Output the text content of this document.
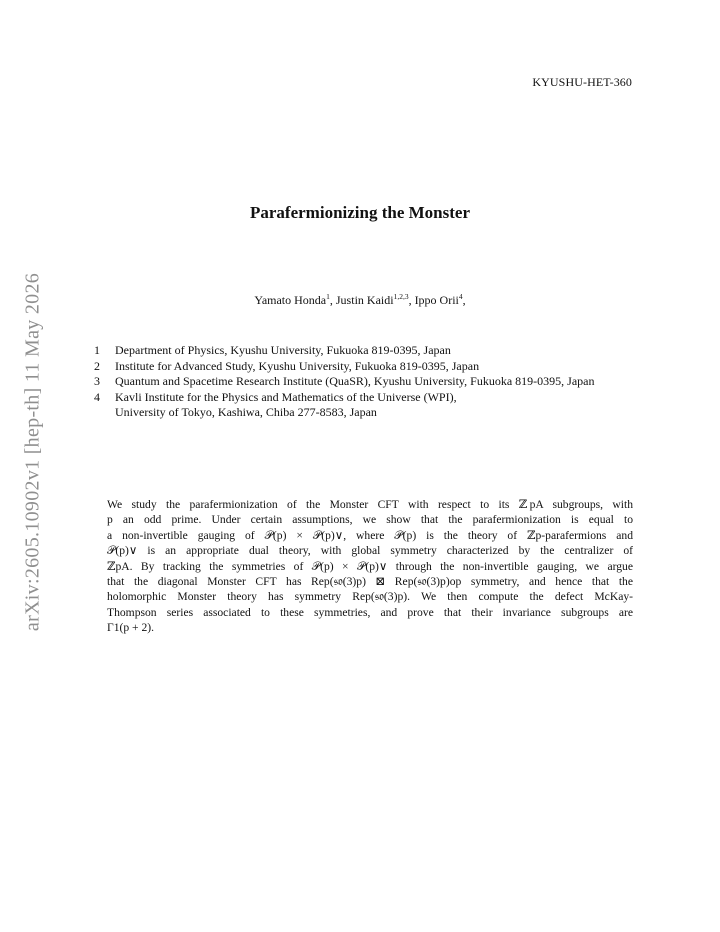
KYUSHU-HET-360
arXiv:2605.10902v1 [hep-th] 11 May 2026
Parafermionizing the Monster
Yamato Honda$^1$, Justin Kaidi$^{1,2,3}$, Ippo Orii$^4$,
1	Department of Physics, Kyushu University, Fukuoka 819-0395, Japan
2	Institute for Advanced Study, Kyushu University, Fukuoka 819-0395, Japan
3	Quantum and Spacetime Research Institute (QuaSR), Kyushu University, Fukuoka 819-0395, Japan
4	Kavli Institute for the Physics and Mathematics of the Universe (WPI),
University of Tokyo, Kashiwa, Chiba 277-8583, Japan

We study the parafermionization of the Monster CFT with respect to its ℤ pA subgroups, with
p an odd prime. Under certain assumptions, we show that the parafermionization is equal to
a non-invertible gauging of 𝒫(p) × 𝒫(p)∨, where 𝒫(p) is the theory of ℤp-parafermions and
𝒫(p)∨ is an appropriate dual theory, with global symmetry characterized by the centralizer of
ℤpA. By tracking the symmetries of 𝒫(p) × 𝒫(p)∨ through the non-invertible gauging, we argue
that the diagonal Monster CFT has Rep(𝔰𝔬(3)p) ⊠ Rep(𝔰𝔬(3)p)op symmetry, and hence that the
holomorphic Monster theory has symmetry Rep(𝔰𝔬(3)p). We then compute the defect McKay-
Thompson series associated to these symmetries, and prove that their invariance subgroups are
Γ1(p + 2).
